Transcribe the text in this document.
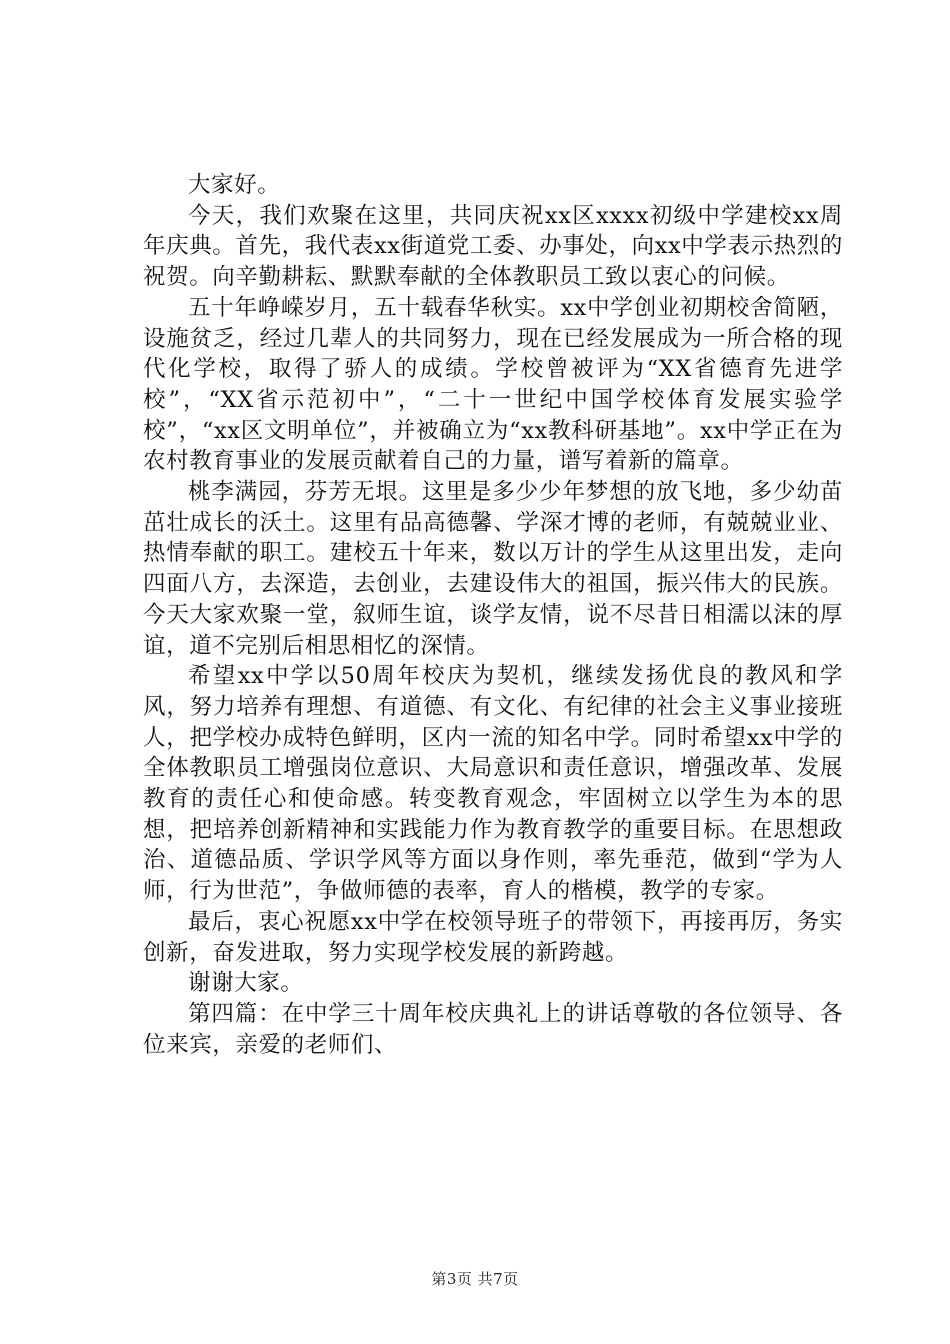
大家好。

今天，我们欢聚在这里，共同庆祝xx区xxxx初级中学建校xx周年庆典。首先，我代表xx街道党工委、办事处，向xx中学表示热烈的祝贺。向辛勤耕耘、默默奉献的全体教职员工致以衷心的问候。

五十年峥嵘岁月，五十载春华秋实。xx中学创业初期校舍简陋，设施贫乏，经过几辈人的共同努力，现在已经发展成为一所合格的现代化学校，取得了骄人的成绩。学校曾被评为“XX省德育先进学校”，“XX省示范初中”，“二十一世纪中国学校体育发展实验学校”，“xx区文明单位”，并被确立为“xx教科研基地”。xx中学正在为农村教育事业的发展贡献着自己的力量，谱写着新的篇章。

桃李满园，芬芳无垠。这里是多少少年梦想的放飞地，多少幼苗茁壮成长的沃土。这里有品高德馨、学深才博的老师，有兢兢业业、热情奉献的职工。建校五十年来，数以万计的学生从这里出发，走向四面八方，去深造，去创业，去建设伟大的祖国，振兴伟大的民族。今天大家欢聚一堂，叙师生谊，谈学友情，说不尽昔日相濡以沫的厚谊，道不完别后相思相忆的深情。

希望xx中学以50周年校庆为契机，继续发扬优良的教风和学风，努力培养有理想、有道德、有文化、有纪律的社会主义事业接班人，把学校办成特色鲜明，区内一流的知名中学。同时希望xx中学的全体教职员工增强岗位意识、大局意识和责任意识，增强改革、发展教育的责任心和使命感。转变教育观念，牢固树立以学生为本的思想，把培养创新精神和实践能力作为教育教学的重要目标。在思想政治、道德品质、学识学风等方面以身作则，率先垂范，做到“学为人师，行为世范”，争做师德的表率，育人的楷模，教学的专家。

最后，衷心祝愿xx中学在校领导班子的带领下，再接再厉，务实创新，奋发进取，努力实现学校发展的新跨越。

谢谢大家。

第四篇：在中学三十周年校庆典礼上的讲话尊敬的各位领导、各位来宾，亲爱的老师们、

第3页 共7页
